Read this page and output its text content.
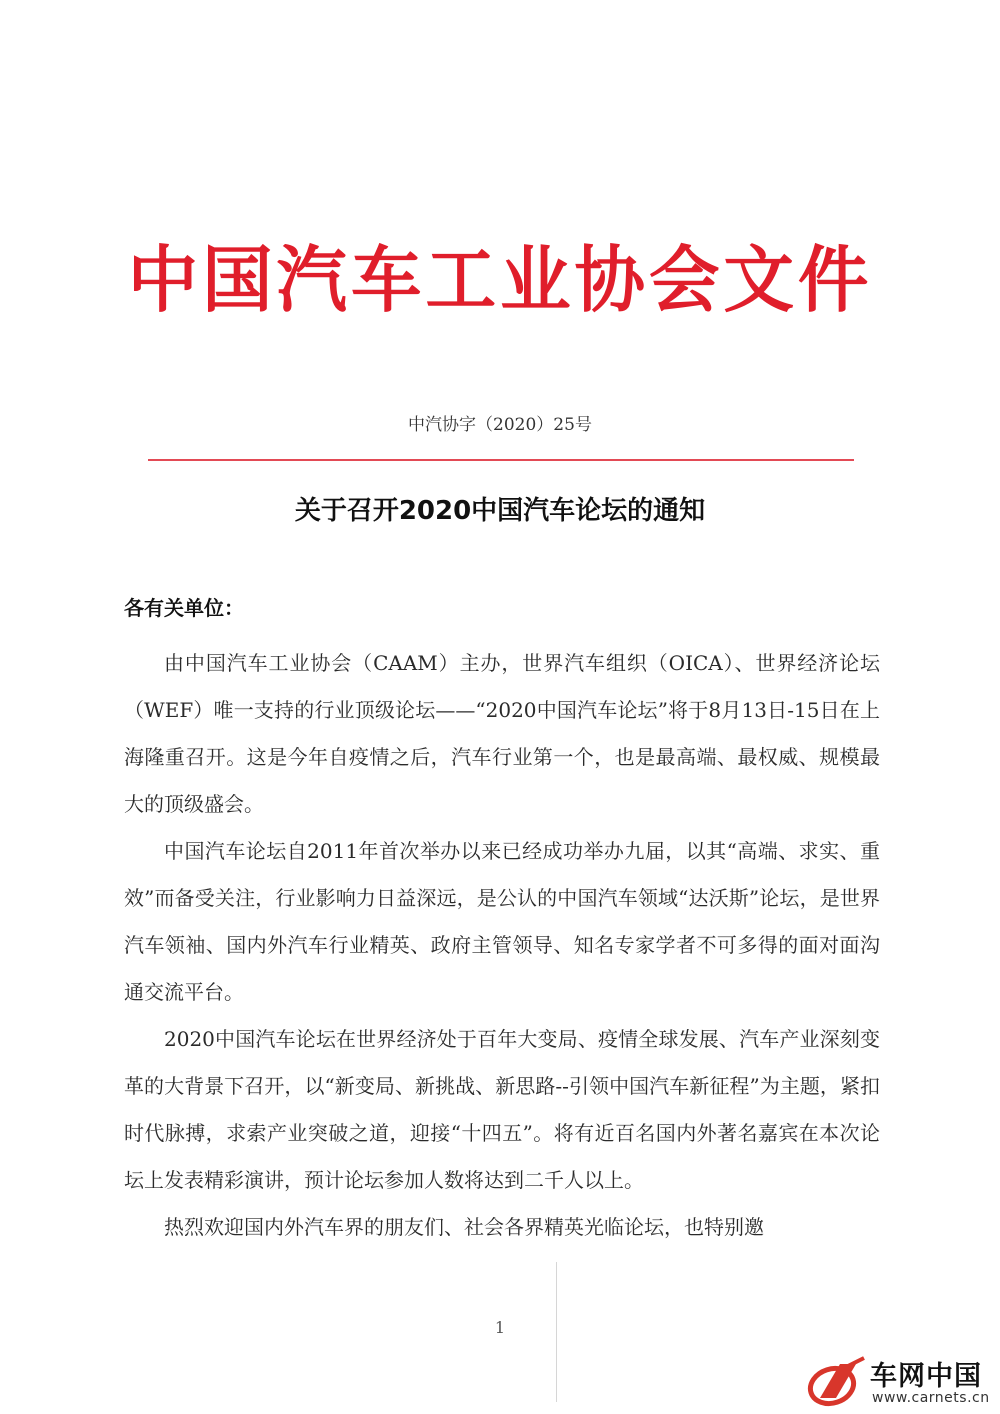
中国汽车工业协会文件
中汽协字（2020）25号
关于召开2020中国汽车论坛的通知
各有关单位：

由中国汽车工业协会（CAAM）主办，世界汽车组织（OICA）、世界经济论坛（WEF）唯一支持的行业顶级论坛——“2020中国汽车论坛”将于8月13日-15日在上海隆重召开。这是今年自疫情之后，汽车行业第一个，也是最高端、最权威、规模最大的顶级盛会。

中国汽车论坛自2011年首次举办以来已经成功举办九届，以其“高端、求实、重效”而备受关注，行业影响力日益深远，是公认的中国汽车领域“达沃斯”论坛，是世界汽车领袖、国内外汽车行业精英、政府主管领导、知名专家学者不可多得的面对面沟通交流平台。

2020中国汽车论坛在世界经济处于百年大变局、疫情全球发展、汽车产业深刻变革的大背景下召开，以“新变局、新挑战、新思路--引领中国汽车新征程”为主题，紧扣时代脉搏，求索产业突破之道，迎接“十四五”。将有近百名国内外著名嘉宾在本次论坛上发表精彩演讲，预计论坛参加人数将达到二千人以上。

热烈欢迎国内外汽车界的朋友们、社会各界精英光临论坛，也特别邀

1
车网中国
www.carnets.cn
